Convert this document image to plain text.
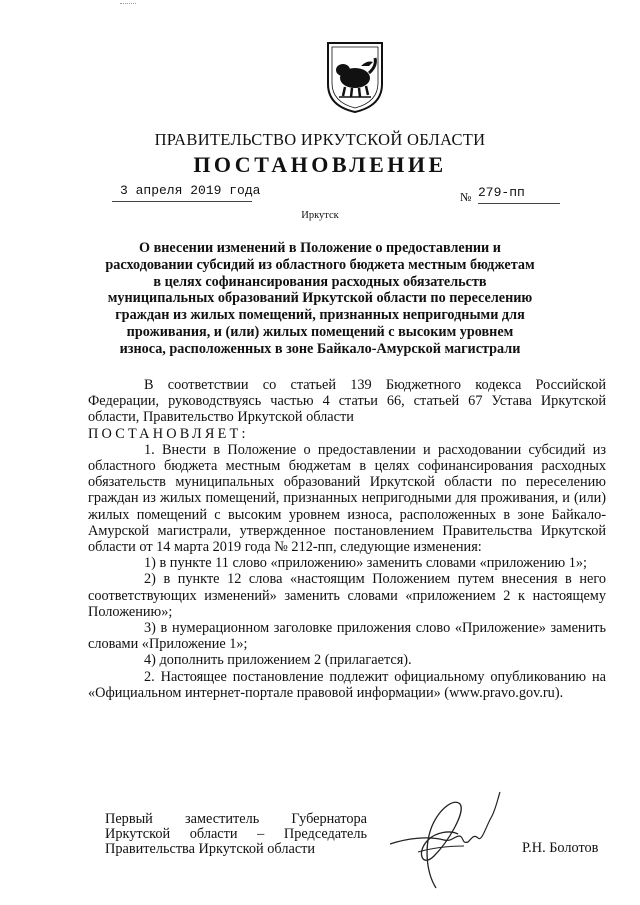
ПРАВИТЕЛЬСТВО ИРКУТСКОЙ ОБЛАСТИ
ПОСТАНОВЛЕНИЕ
3 апреля 2019 года	№ 279-пп
Иркутск
О внесении изменений в Положение о предоставлении и расходовании субсидий из областного бюджета местным бюджетам в целях софинансирования расходных обязательств муниципальных образований Иркутской области по переселению граждан из жилых помещений, признанных непригодными для проживания, и (или) жилых помещений с высоким уровнем износа, расположенных в зоне Байкало-Амурской магистрали

В соответствии со статьей 139 Бюджетного кодекса Российской Федерации, руководствуясь частью 4 статьи 66, статьей 67 Устава Иркутской области, Правительство Иркутской области

ПОСТАНОВЛЯЕТ:

1. Внести в Положение о предоставлении и расходовании субсидий из областного бюджета местным бюджетам в целях софинансирования расходных обязательств муниципальных образований Иркутской области по переселению граждан из жилых помещений, признанных непригодными для проживания, и (или) жилых помещений с высоким уровнем износа, расположенных в зоне Байкало-Амурской магистрали, утвержденное постановлением Правительства Иркутской области от 14 марта 2019 года № 212-пп, следующие изменения:

1) в пункте 11 слово «приложению» заменить словами «приложению 1»;

2) в пункте 12 слова «настоящим Положением путем внесения в него соответствующих изменений» заменить словами «приложением 2 к настоящему Положению»;

3) в нумерационном заголовке приложения слово «Приложение» заменить словами «Приложение 1»;

4) дополнить приложением 2 (прилагается).

2. Настоящее постановление подлежит официальному опубликованию на «Официальном интернет-портале правовой информации» (www.pravo.gov.ru).

Первый заместитель Губернатора
Иркутской области – Председатель
Правительства Иркутской области	Р.Н. Болотов
